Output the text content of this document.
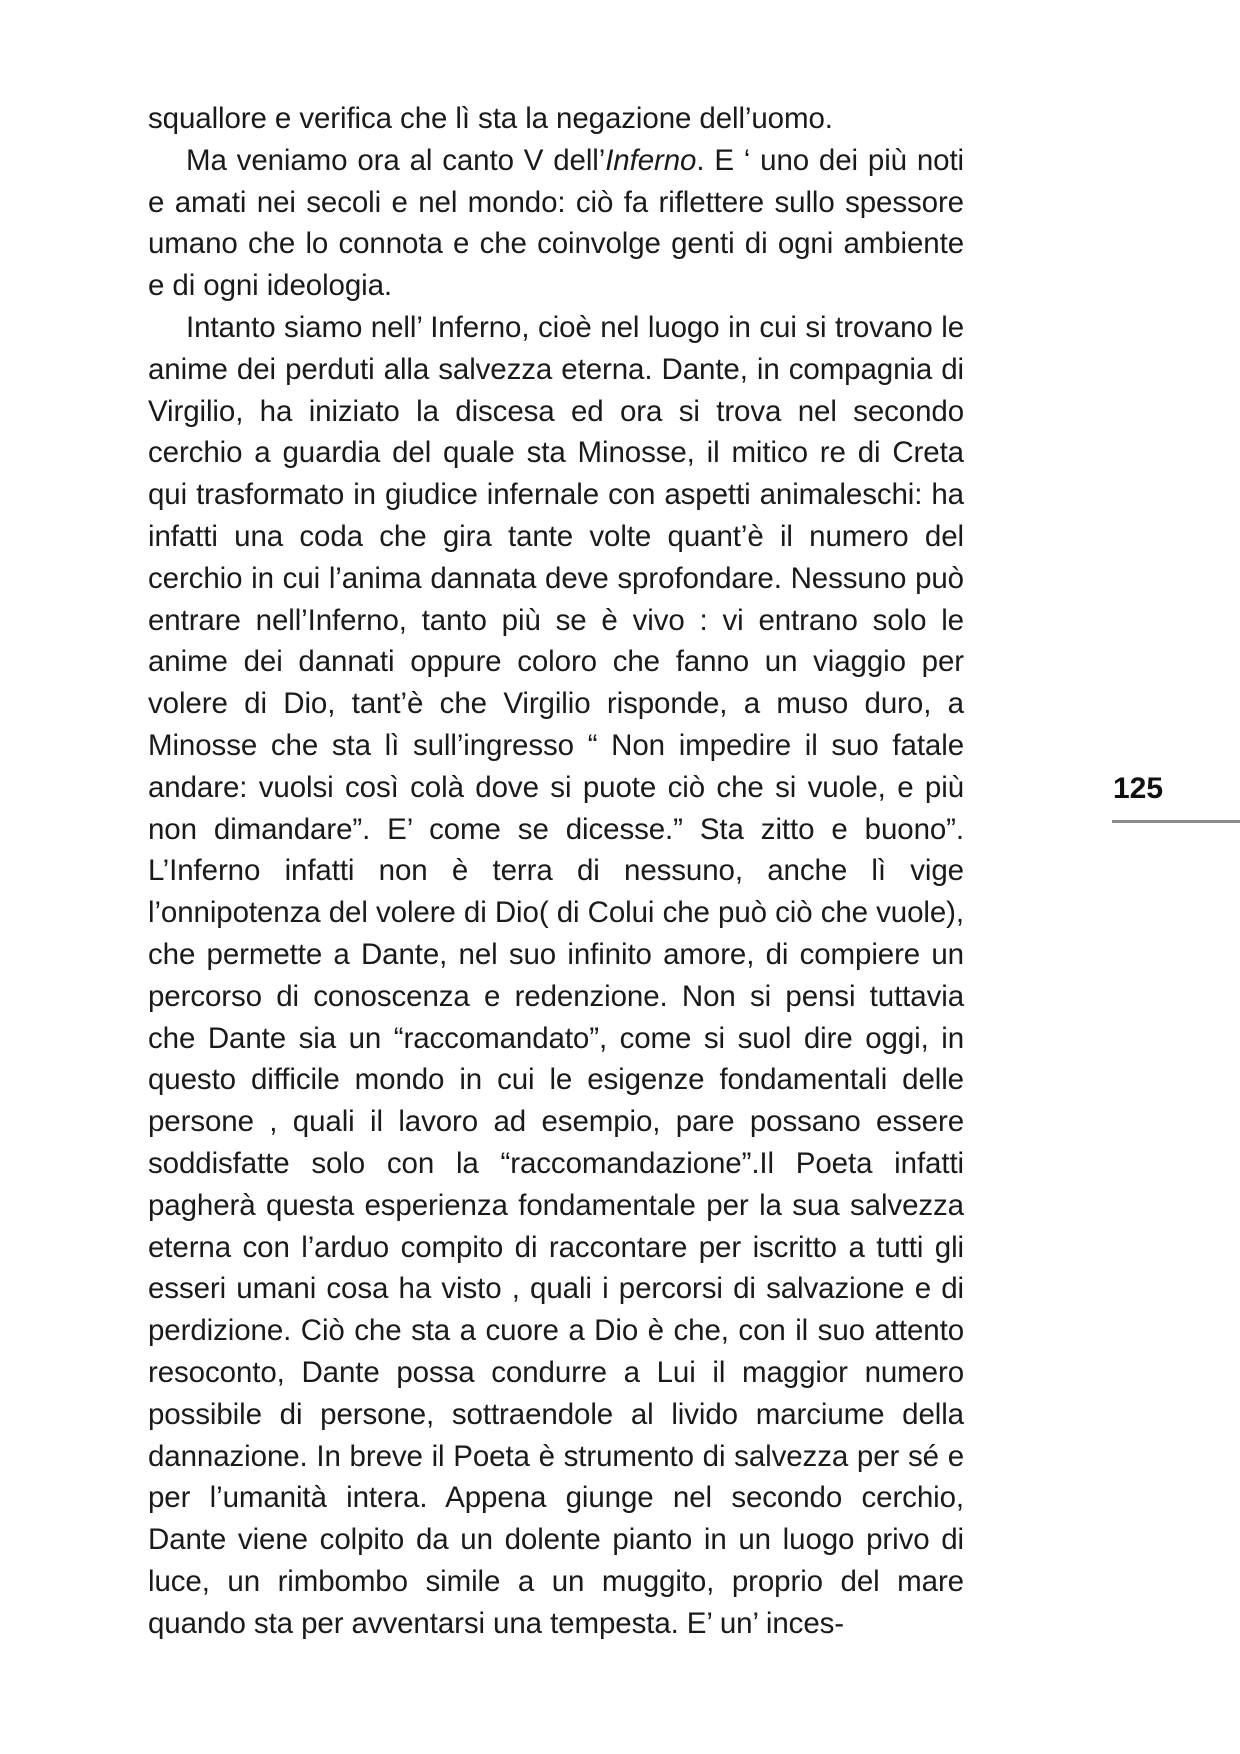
squallore e verifica che lì sta la negazione dell’uomo.

Ma veniamo ora al canto V dell’Inferno. E ‘ uno dei più noti e amati nei secoli e nel mondo: ciò fa riflettere sullo spessore umano che lo connota e che coinvolge genti di ogni ambiente e di ogni ideologia.

Intanto siamo nell’ Inferno, cioè nel luogo in cui si trovano le anime dei perduti alla salvezza eterna. Dante, in compagnia di Virgilio, ha iniziato la discesa ed ora si trova nel secondo cerchio a guardia del quale sta Minosse, il mitico re di Creta qui trasformato in giudice infernale con aspetti animaleschi: ha infatti una coda che gira tante volte quant’è il numero del cerchio in cui l’anima dannata deve sprofondare. Nessuno può entrare nell’Inferno, tanto più se è vivo : vi entrano solo le anime dei dannati oppure coloro che fanno un viaggio per volere di Dio, tant’è che Virgilio risponde, a muso duro, a Minosse che sta lì sull’ingresso “ Non impedire il suo fatale andare: vuolsi così colà dove si puote ciò che si vuole, e più non dimandare”. E’ come se dicesse.” Sta zitto e buono”. L’Inferno infatti non è terra di nessuno, anche lì vige l’onnipotenza del volere di Dio( di Colui che può ciò che vuole), che permette a Dante, nel suo infinito amore, di compiere un percorso di conoscenza e redenzione. Non si pensi tuttavia che Dante sia un “raccomandato”, come si suol dire oggi, in questo difficile mondo in cui le esigenze fondamentali delle persone , quali il lavoro ad esempio, pare possano essere soddisfatte solo con la “raccomandazione”.Il Poeta infatti pagherà questa esperienza fondamentale per la sua salvezza eterna con l’arduo compito di raccontare per iscritto a tutti gli esseri umani cosa ha visto , quali i percorsi di salvazione e di perdizione. Ciò che sta a cuore a Dio è che, con il suo attento resoconto, Dante possa condurre a Lui il maggior numero possibile di persone, sottraendole al livido marciume della dannazione. In breve il Poeta è strumento di salvezza per sé e per l’umanità intera. Appena giunge nel secondo cerchio, Dante viene colpito da un dolente pianto in un luogo privo di luce, un rimbombo simile a un muggito, proprio del mare quando sta per avventarsi una tempesta. E’ un’ inces-

125
